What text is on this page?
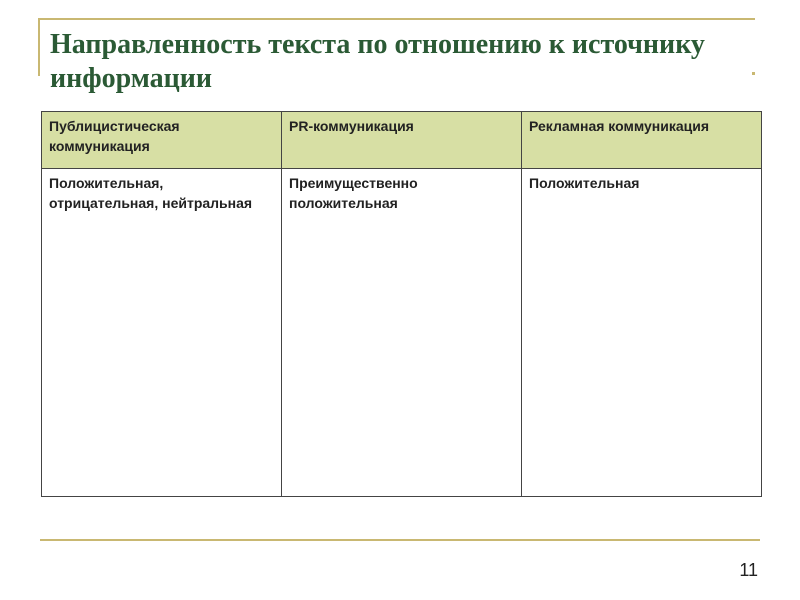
Направленность текста по отношению к источнику информации
Публицистическая коммуникация	PR-коммуникация	Рекламная коммуникация
Положительная, отрицательная, нейтральная	Преимущественно положительная	Положительная
11
